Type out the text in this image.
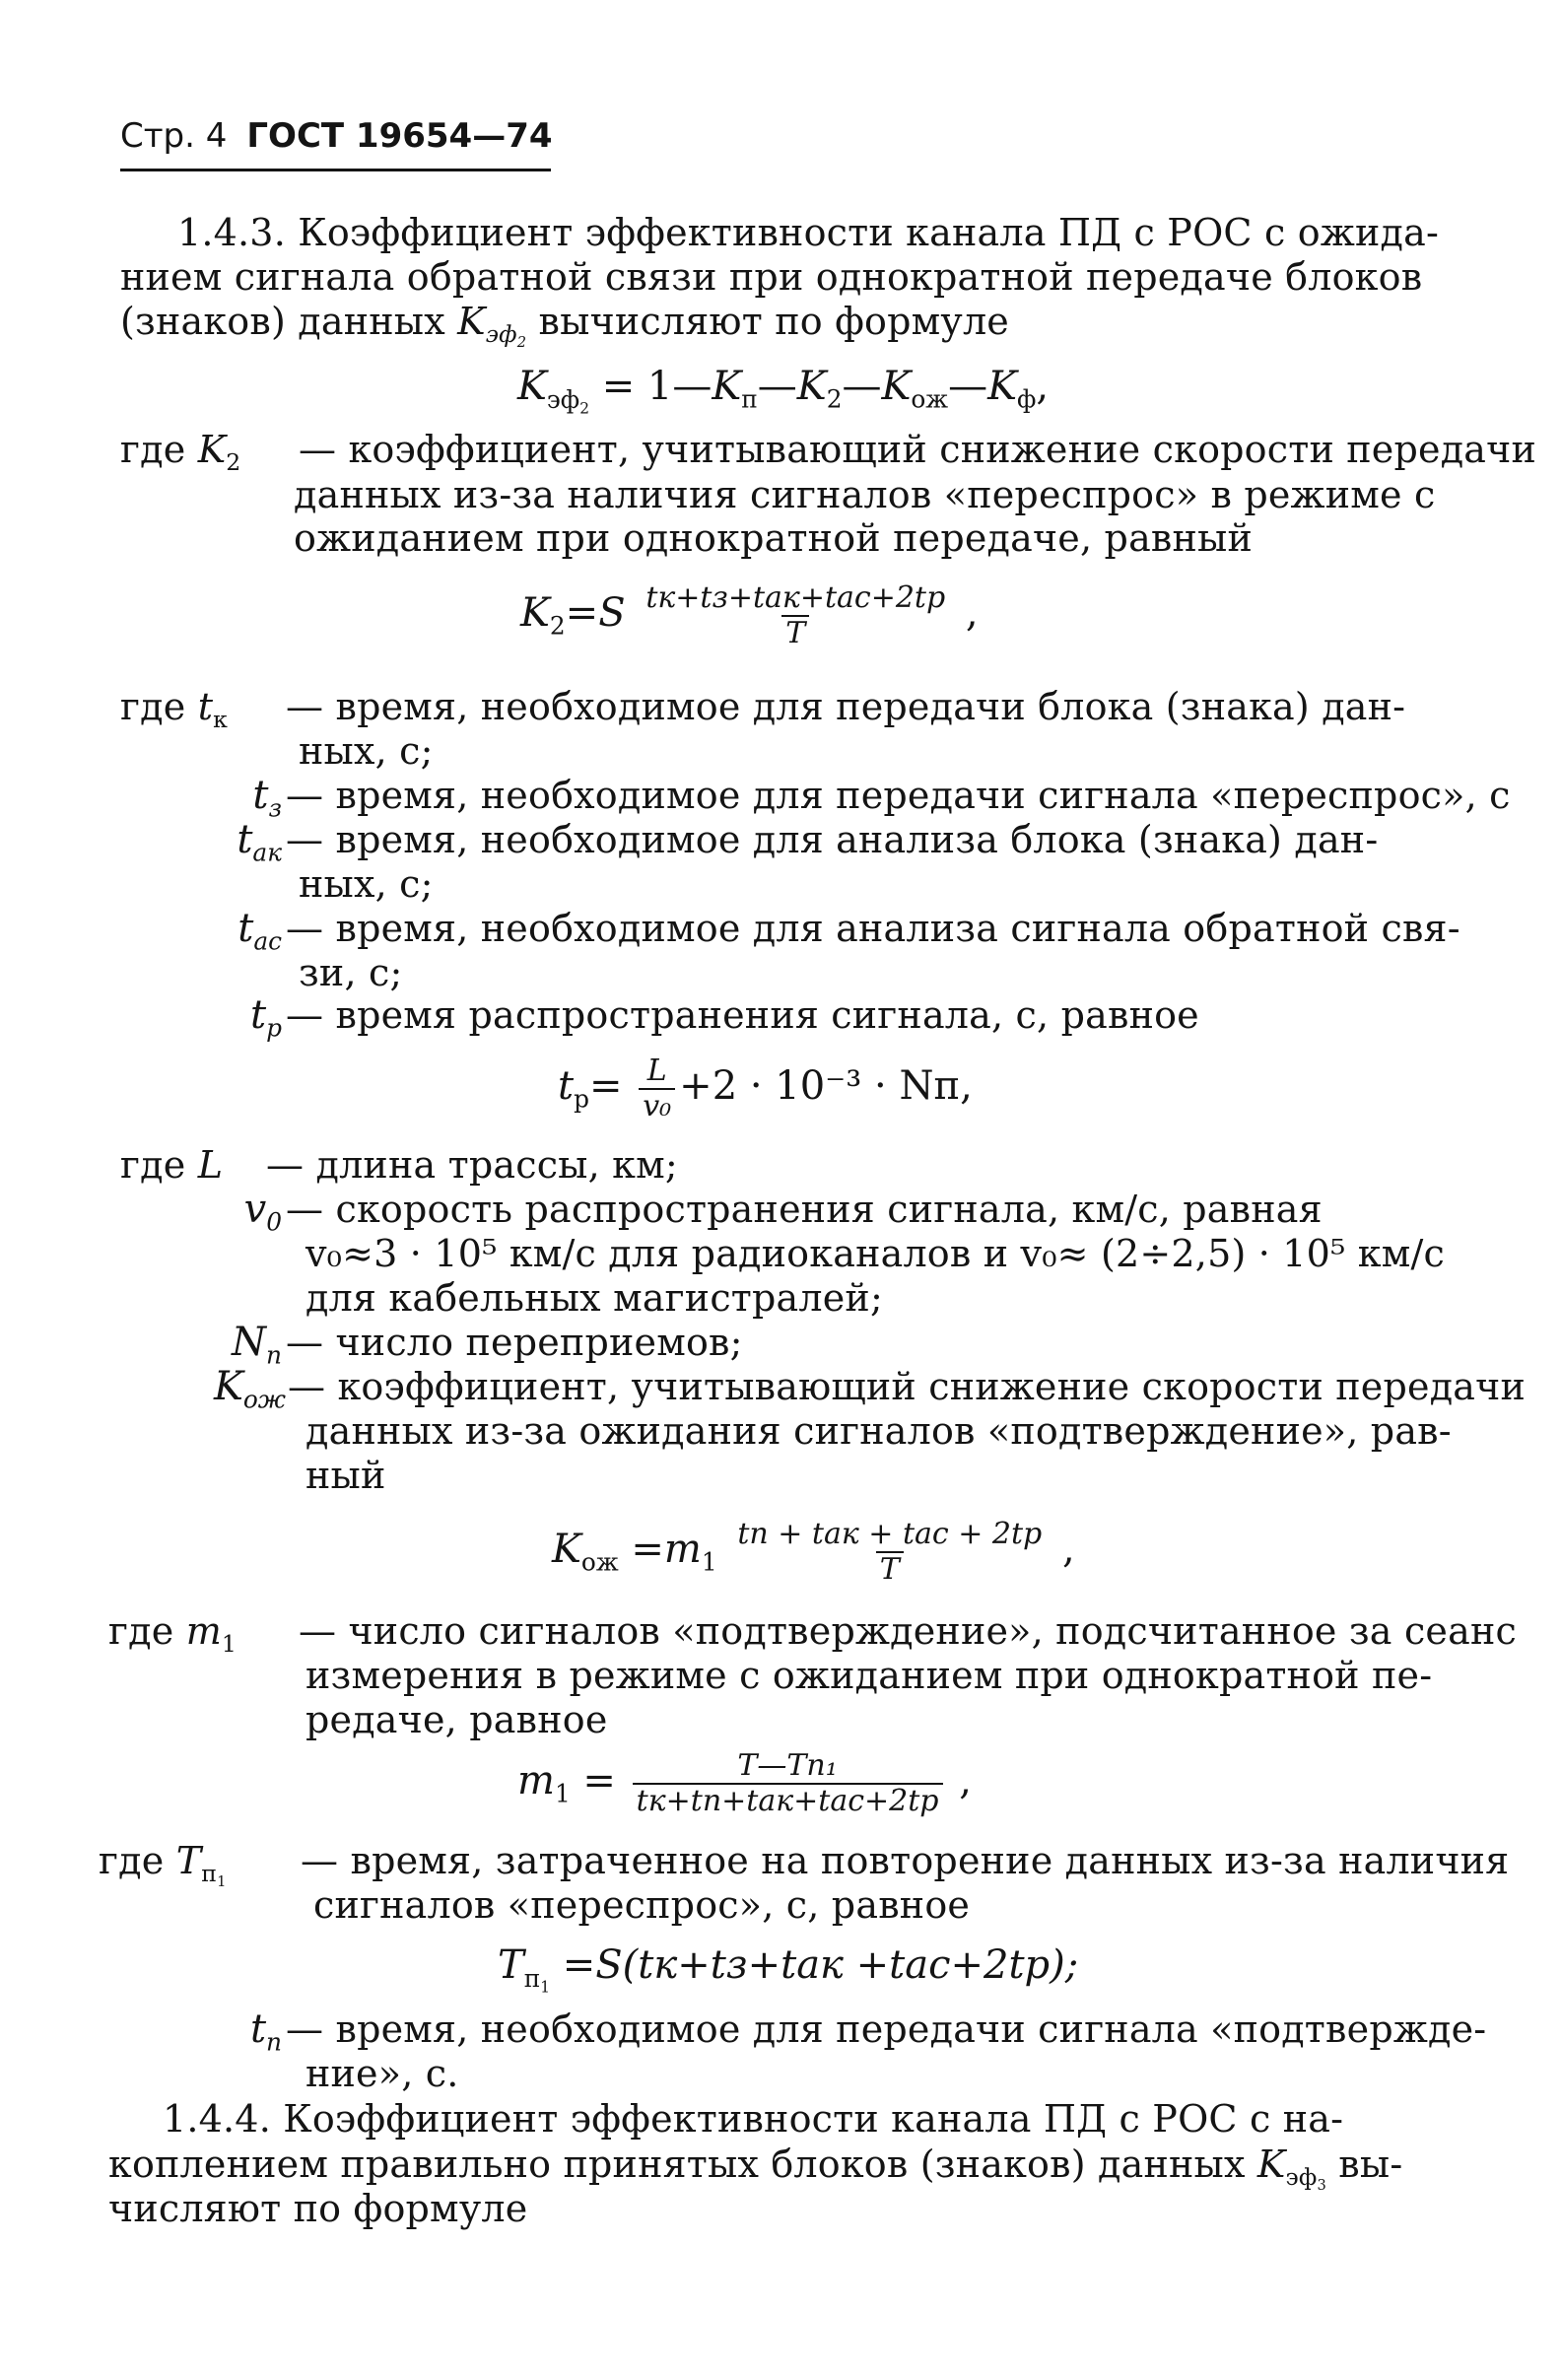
Стр. 4 ГОСТ 19654—74
1.4.3. Коэффициент эффективности канала ПД с РОС с ожида-
нием сигнала обратной связи при однократной передаче блоков
(знаков) данных $K_{эф_2}$ вычисляют по формуле
$K_{эф_2}$ = $1—K_п—K_2—K_{ож}—K_ф$,
где $K_2$ — коэффициент, учитывающий снижение скорости передачи
данных из-за наличия сигналов «переспрос» в режиме с
ожиданием при однократной передаче, равный
$K_2=S \frac{\text{tк+tз+tак+tас+2tр}}{T}$ ,
где $t_к$ — время, необходимое для передачи блока (знака) дан-
ных, с;
$t_з$ — время, необходимое для передачи сигнала «переспрос», с
$t_{ак}$ — время, необходимое для анализа блока (знака) дан-
ных, с;
$t_{ас}$ — время, необходимое для анализа сигнала обратной свя-
зи, с;
$t_р$ — время распространения сигнала, с, равное
$t_р= \frac{L}{\text{v₀}} +2 \cdot 10^{-3}$ · Nп,
где L — длина трассы, км;
$v_0$ — скорость распространения сигнала, км/с, равная
v₀≈3 · 10⁵ км/с для радиоканалов и v₀≈ (2÷2,5) · 10⁵ км/с
для кабельных магистралей;
$N_п$ — число переприемов;
$K_{ож}$ — коэффициент, учитывающий снижение скорости передачи
данных из-за ожидания сигналов «подтверждение», рав-
ный
$K_{ож} =m_1 \frac{\text{tп + tак + tас + 2tр}}{T}$ ,
где $m_1$ — число сигналов «подтверждение», подсчитанное за сеанс
измерения в режиме с ожиданием при однократной пе-
редаче, равное
$m_1 = \frac{\text{T—Tп₁}}{\text{tк+tп+tак+tас+2tр}}$ ,
где $T_{п_1}$ — время, затраченное на повторение данных из-за наличия
сигналов «переспрос», с, равное
$T_{п_1} =S(tк+tз+tак +tас+2tр)$;
$t_п$ — время, необходимое для передачи сигнала «подтвержде-
ние», с.
1.4.4. Коэффициент эффективности канала ПД с РОС с на-
коплением правильно принятых блоков (знаков) данных $K_{эф_3}$ вы-
числяют по формуле
